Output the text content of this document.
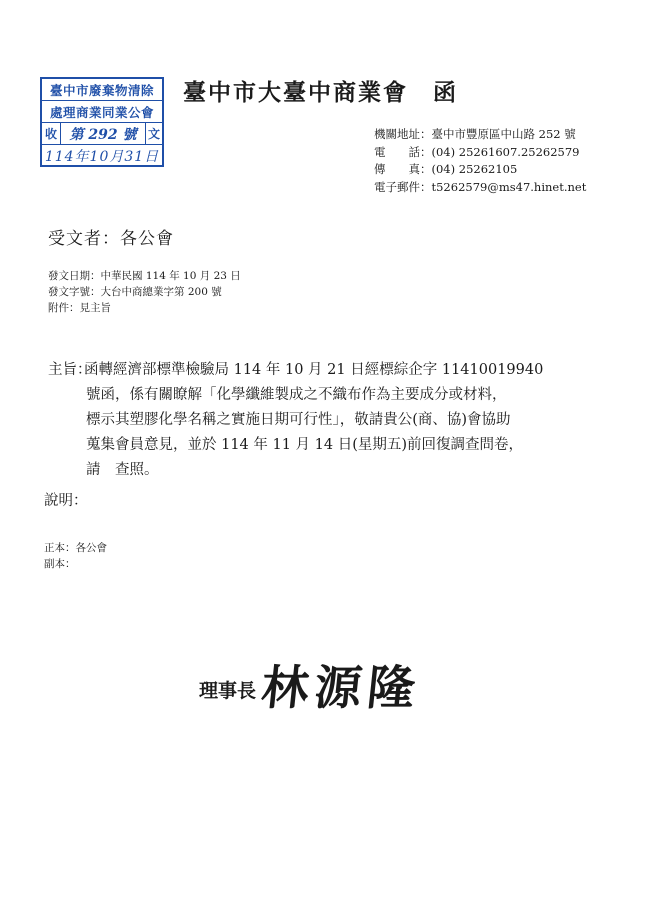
臺中市廢棄物清除
處理商業同業公會
收 第 292 號 文
114年10月31日
臺中市大臺中商業會　函
機關地址：臺中市豐原區中山路 252 號
電　　話：(04) 25261607.25262579
傳　　真：(04) 25262105
電子郵件：t5262579@ms47.hinet.net
受文者：各公會
發文日期：中華民國 114 年 10 月 23 日
發文字號：大台中商總業字第 200 號
附件：見主旨
主旨：
函轉經濟部標準檢驗局 114 年 10 月 21 日經標綜企字 11410019940
號函，係有關瞭解「化學纖維製成之不織布作為主要成分或材料，
標示其塑膠化學名稱之實施日期可行性」，敬請貴公(商、協)會協助
蒐集會員意見，並於 114 年 11 月 14 日(星期五)前回復調查問卷，
請　查照。
說明：
正本：各公會
副本：
理事長 林源隆
